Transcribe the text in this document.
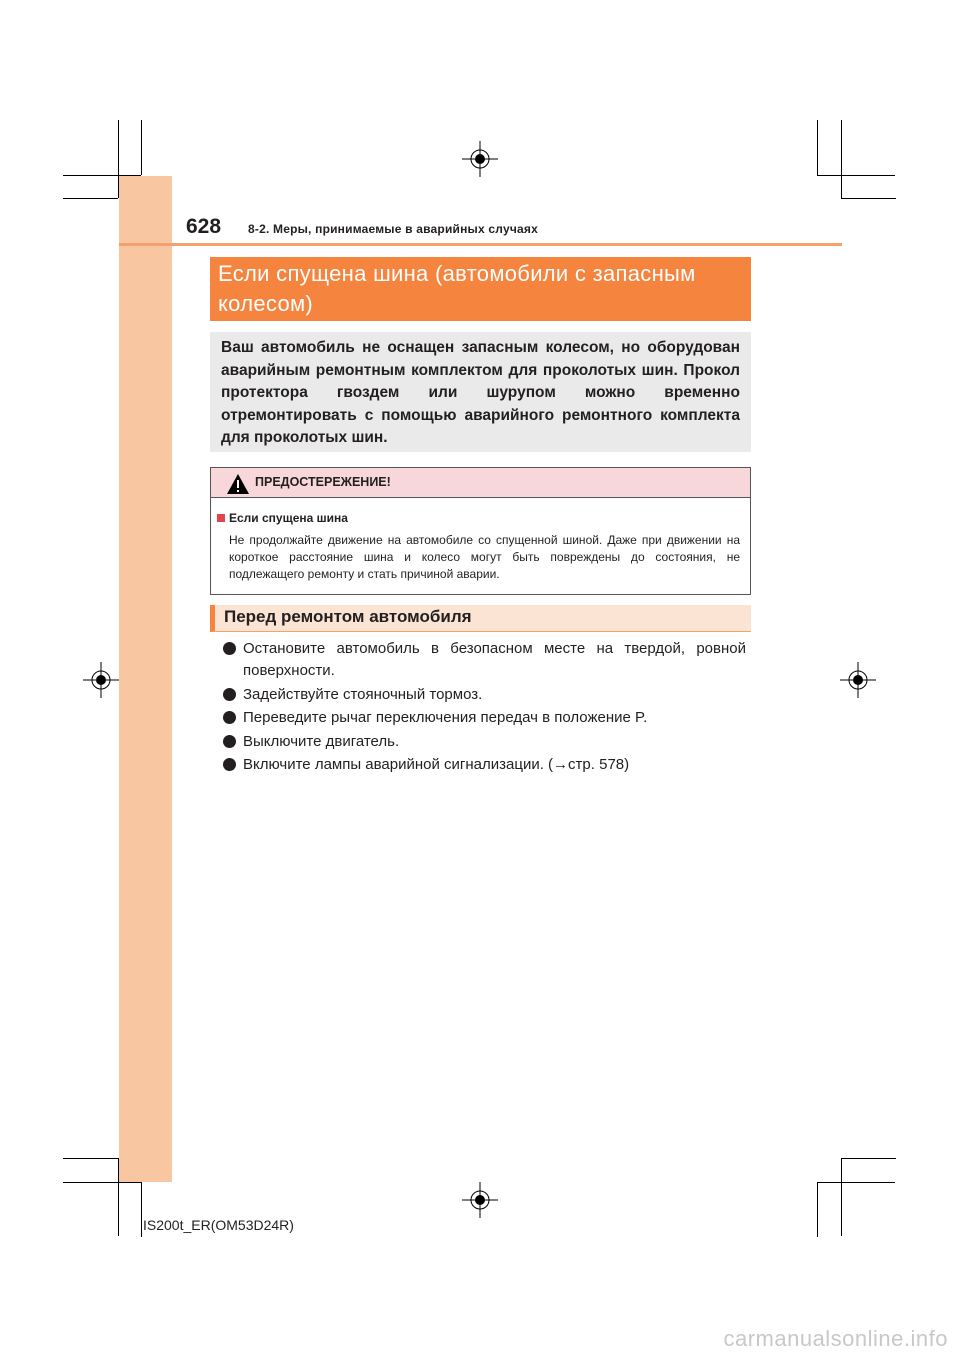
628 8-2. Меры, принимаемые в аварийных случаях
Если спущена шина (автомобили с запасным колесом)

Ваш автомобиль не оснащен запасным колесом, но оборудован аварийным ремонтным комплектом для проколотых шин. Прокол протектора гвоздем или шурупом можно временно отремонтировать с помощью аварийного ремонтного комплекта для проколотых шин.

ПРЕДОСТЕРЕЖЕНИЕ!
Если спущена шина
Не продолжайте движение на автомобиле со спущенной шиной. Даже при движении на короткое расстояние шина и колесо могут быть повреждены до состояния, не подлежащего ремонту и стать причиной аварии.
Перед ремонтом автомобиля
Остановите автомобиль в безопасном месте на твердой, ровной поверхности.
Задействуйте стояночный тормоз.
Переведите рычаг переключения передач в положение P.
Выключите двигатель.
Включите лампы аварийной сигнализации. (→стр. 578)
IS200t_ER(OM53D24R)
carmanualsonline.info
